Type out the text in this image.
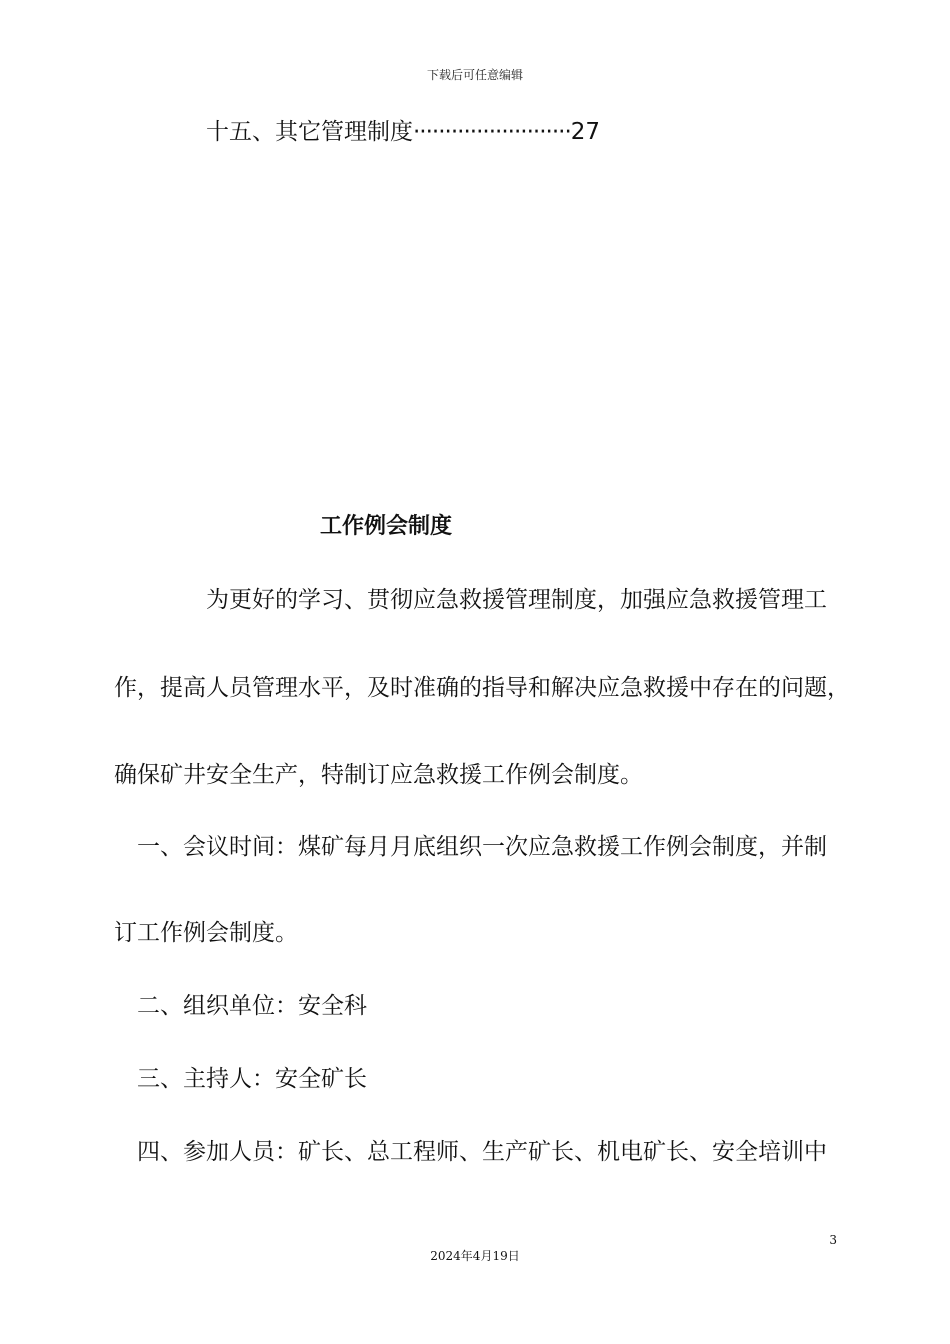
下载后可任意编辑
十五、其它管理制度·························27
工作例会制度
为更好的学习、贯彻应急救援管理制度，加强应急救援管理工
作，提高人员管理水平，及时准确的指导和解决应急救援中存在的问题，
确保矿井安全生产，特制订应急救援工作例会制度。
一、会议时间：煤矿每月月底组织一次应急救援工作例会制度，并制
订工作例会制度。
二、组织单位：安全科
三、主持人：安全矿长
四、参加人员：矿长、总工程师、生产矿长、机电矿长、安全培训中
3
2024年4月19日
